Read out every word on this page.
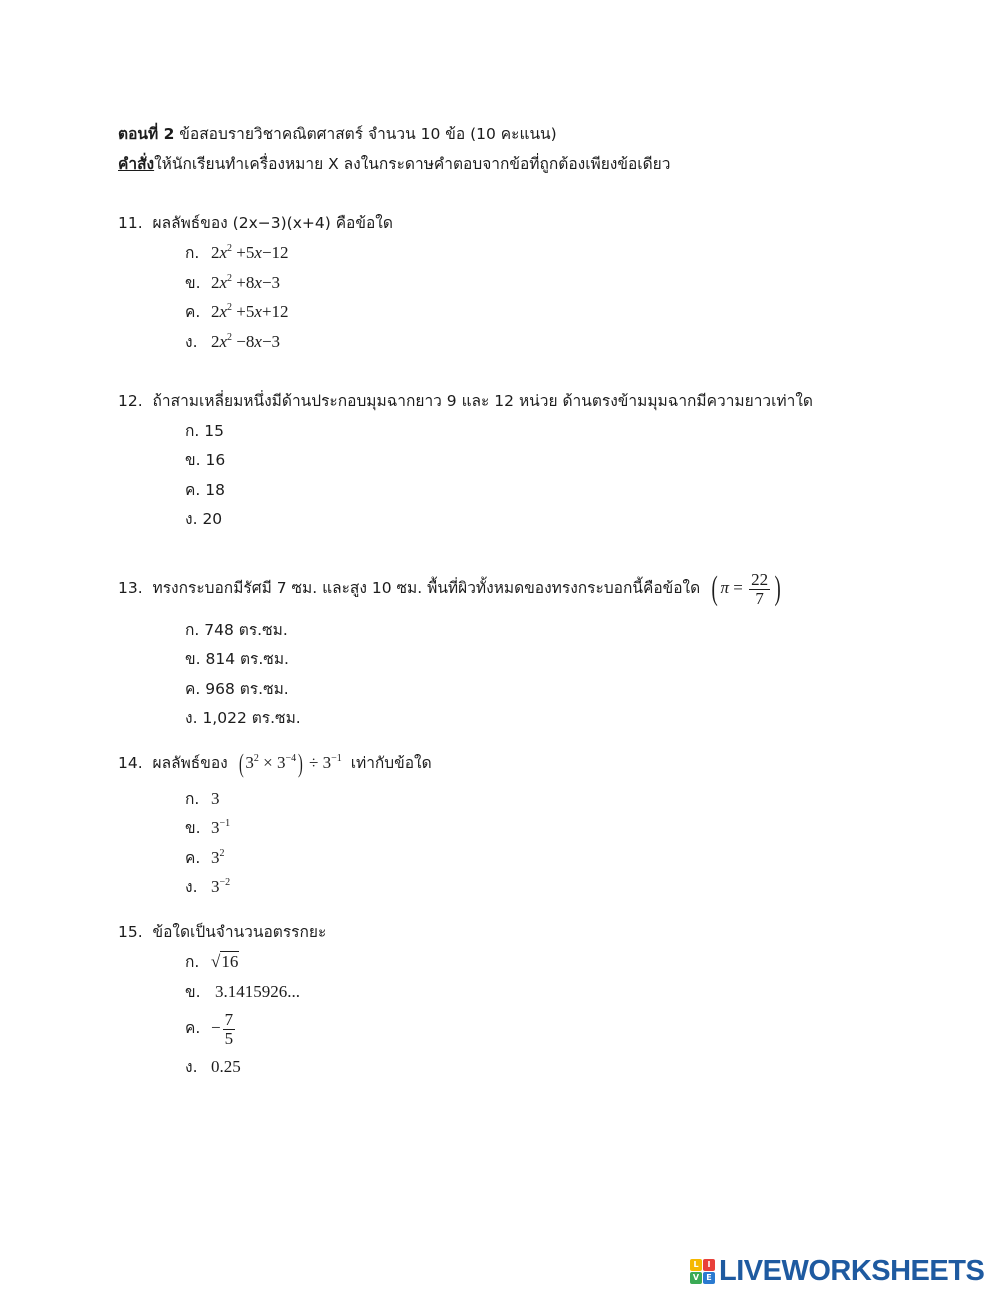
ตอนที่ 2 ข้อสอบรายวิชาคณิตศาสตร์ จำนวน 10 ข้อ (10 คะแนน)
คำสั่งให้นักเรียนทำเครื่องหมาย X ลงในกระดาษคำตอบจากข้อที่ถูกต้องเพียงข้อเดียว
11. ผลลัพธ์ของ (2x−3)(x+4) คือข้อใด
ก. $2x^2 +5x-12$
ข. $2x^2 +8x-3$
ค. $2x^2 +5x+12$
ง. $2x^2 -8x-3$
12. ถ้าสามเหลี่ยมหนึ่งมีด้านประกอบมุมฉากยาว 9 และ 12 หน่วย ด้านตรงข้ามมุมฉากมีความยาวเท่าใด
ก. 15
ข. 16
ค. 18
ง. 20
13. ทรงกระบอกมีรัศมี 7 ซม. และสูง 10 ซม. พื้นที่ผิวทั้งหมดของทรงกระบอกนี้คือข้อใด ( $\pi = \frac{22}{7}$ )
ก. 748 ตร.ซม.
ข. 814 ตร.ซม.
ค. 968 ตร.ซม.
ง. 1,022 ตร.ซม.
14. ผลลัพธ์ของ ( $3^2 \times 3^{-4}) \div 3^{-1}$ เท่ากับข้อใด
ก. 3
ข. $3^{-1}$
ค. $3^2$
ง. $3^{-2}$
15. ข้อใดเป็นจำนวนอตรรกยะ
ก. √16
ข. 3.1415926...
ค. − $\frac{7}{5}$
ง. 0.25
L	I
V E LIVEWORKSHEETS
